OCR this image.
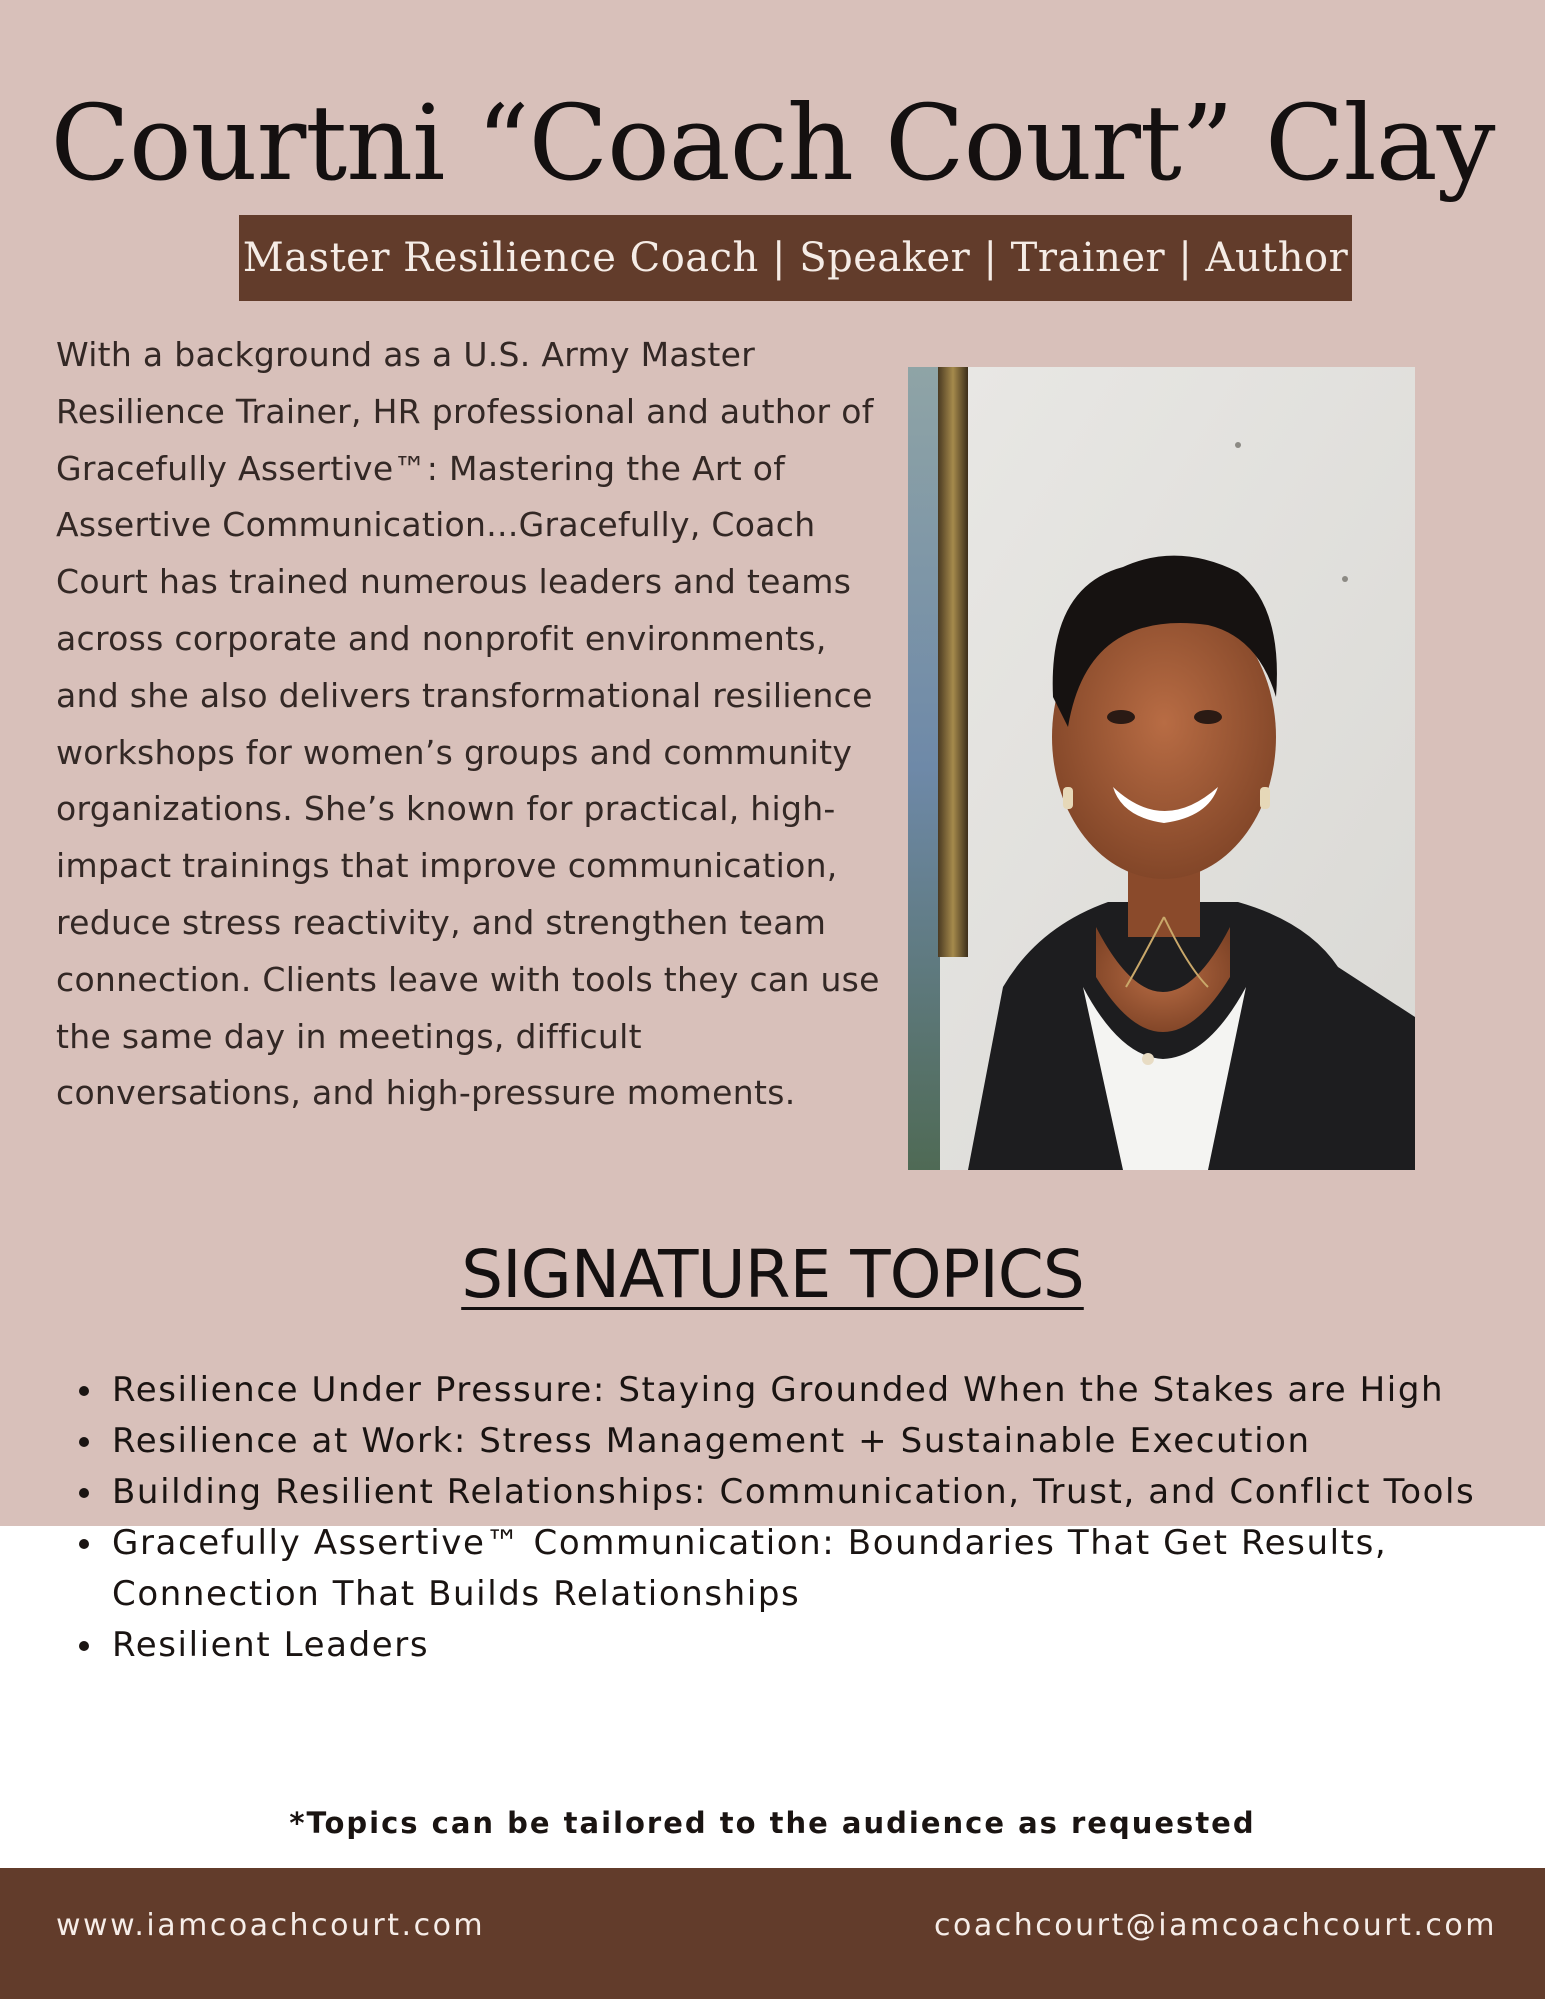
Courtni “Coach Court” Clay
Master Resilience Coach | Speaker | Trainer | Author

With a background as a U.S. Army Master Resilience Trainer, HR professional and author of Gracefully Assertive™: Mastering the Art of Assertive Communication...Gracefully, Coach Court has trained numerous leaders and teams across corporate and nonprofit environments, and she also delivers transformational resilience workshops for women’s groups and community organizations. She’s known for practical, high-impact trainings that improve communication, reduce stress reactivity, and strengthen team connection. Clients leave with tools they can use the same day in meetings, difficult conversations, and high-pressure moments.

SIGNATURE TOPICS
• Resilience Under Pressure: Staying Grounded When the Stakes are High
• Resilience at Work: Stress Management + Sustainable Execution
• Building Resilient Relationships: Communication, Trust, and Conflict Tools
• Gracefully Assertive™ Communication: Boundaries That Get Results, Connection That Builds Relationships
• Resilient Leaders
*Topics can be tailored to the audience as requested
www.iamcoachcourt.com	coachcourt@iamcoachcourt.com
